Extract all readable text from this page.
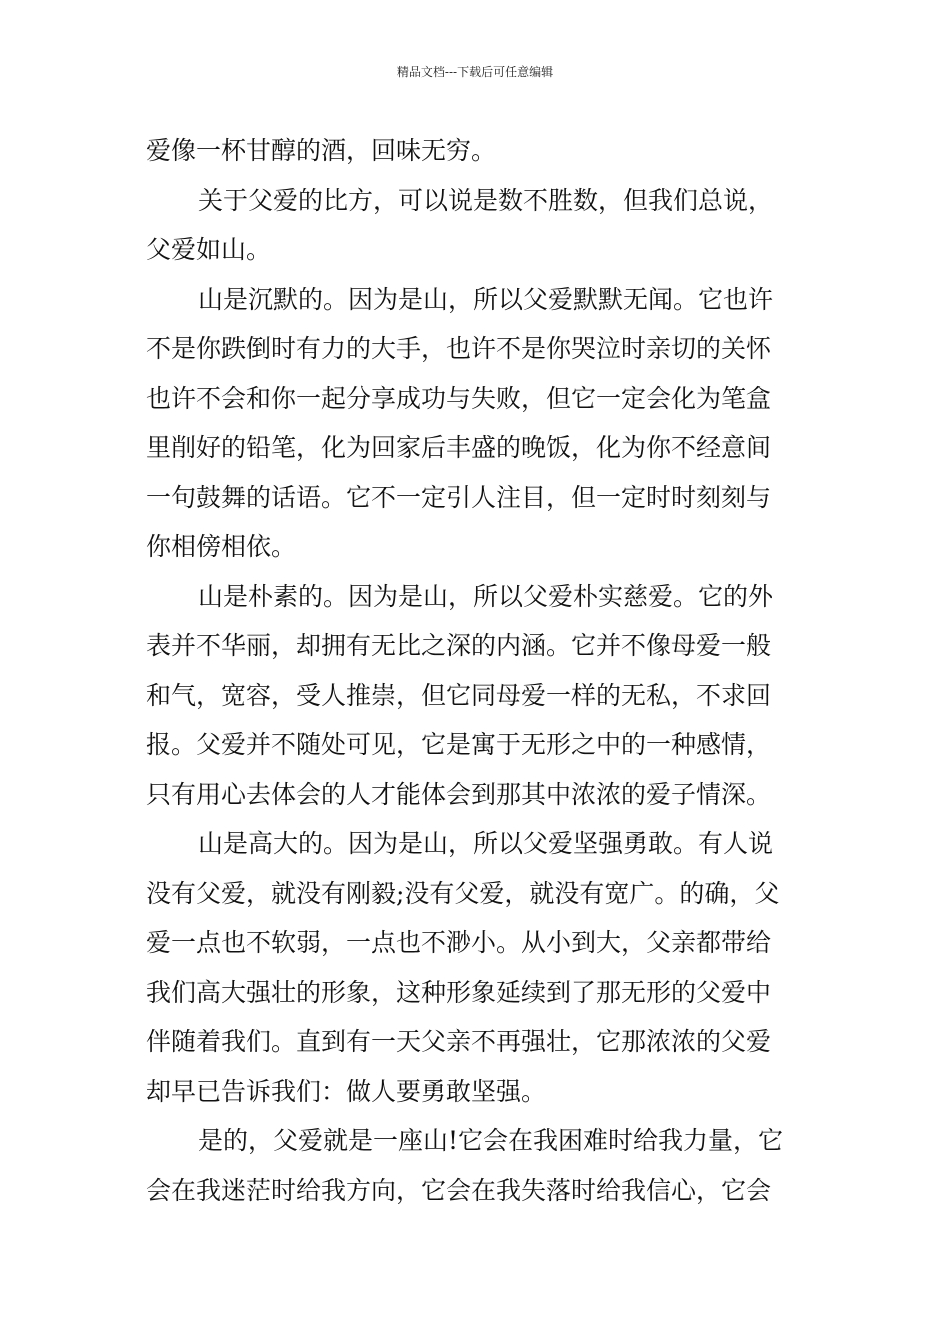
精品文档---下载后可任意编辑
爱像一杯甘醇的酒，回味无穷。
关于父爱的比方，可以说是数不胜数，但我们总说，
父爱如山。
山是沉默的。因为是山，所以父爱默默无闻。它也许
不是你跌倒时有力的大手，也许不是你哭泣时亲切的关怀
也许不会和你一起分享成功与失败，但它一定会化为笔盒
里削好的铅笔，化为回家后丰盛的晚饭，化为你不经意间
一句鼓舞的话语。它不一定引人注目，但一定时时刻刻与
你相傍相依。
山是朴素的。因为是山，所以父爱朴实慈爱。它的外
表并不华丽，却拥有无比之深的内涵。它并不像母爱一般
和气，宽容，受人推崇，但它同母爱一样的无私，不求回
报。父爱并不随处可见，它是寓于无形之中的一种感情，
只有用心去体会的人才能体会到那其中浓浓的爱子情深。
山是高大的。因为是山，所以父爱坚强勇敢。有人说
没有父爱，就没有刚毅;没有父爱，就没有宽广。的确，父
爱一点也不软弱，一点也不渺小。从小到大，父亲都带给
我们高大强壮的形象，这种形象延续到了那无形的父爱中
伴随着我们。直到有一天父亲不再强壮，它那浓浓的父爱
却早已告诉我们：做人要勇敢坚强。
是的，父爱就是一座山!它会在我困难时给我力量，它
会在我迷茫时给我方向，它会在我失落时给我信心，它会
